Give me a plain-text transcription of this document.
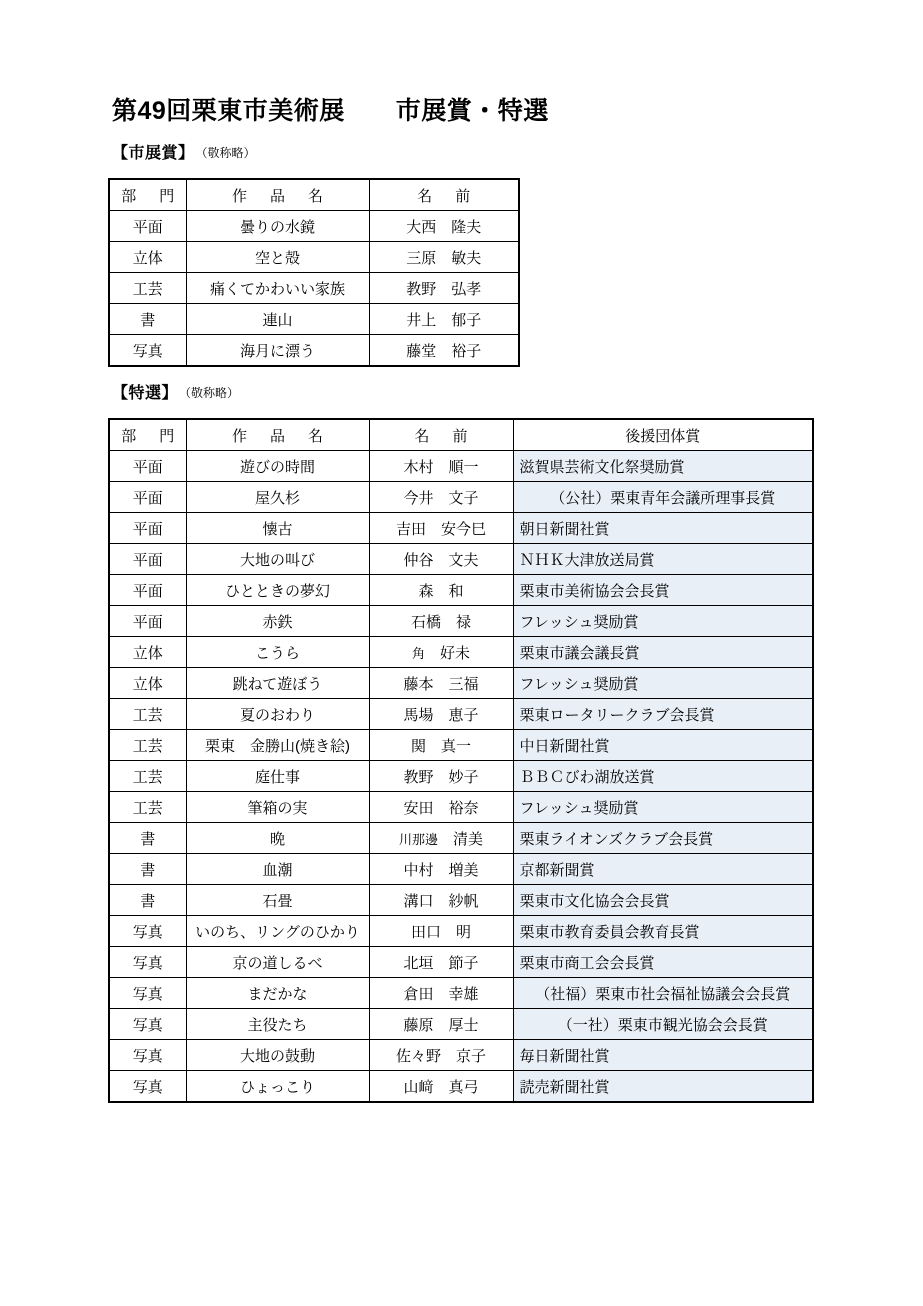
第49回栗東市美術展　　市展賞・特選
【市展賞】 （敬称略）
部　門	作　品　名	名　前
平面	曇りの水鏡	大西　隆夫
立体	空と殻	三原　敏夫
工芸	痛くてかわいい家族	教野　弘孝
書	連山	井上　郁子
写真	海月に漂う	藤堂　裕子
【特選】 （敬称略）
部　門	作　品　名	名　前	後援団体賞
平面	遊びの時間	木村　順一	滋賀県芸術文化祭奨励賞
平面	屋久杉	今井　文子	（公社）栗東青年会議所理事長賞
平面	懐古	吉田　安今巳	朝日新聞社賞
平面	大地の叫び	仲谷　文夫	ＮＨＫ大津放送局賞
平面	ひとときの夢幻	森　和	栗東市美術協会会長賞
平面	赤鉄	石橋　禄	フレッシュ奨励賞
立体	こうら	角　好未	栗東市議会議長賞
立体	跳ねて遊ぼう	藤本　三福	フレッシュ奨励賞
工芸	夏のおわり	馬場　恵子	栗東ロータリークラブ会長賞
工芸	栗東　金勝山(焼き絵)	関　真一	中日新聞社賞
工芸	庭仕事	教野　妙子	ＢＢＣびわ湖放送賞
工芸	筆箱の実	安田　裕奈	フレッシュ奨励賞
書	晩	川那邊　清美	栗東ライオンズクラブ会長賞
書	血潮	中村　増美	京都新聞賞
書	石畳	溝口　紗帆	栗東市文化協会会長賞
写真	いのち、リングのひかり	田口　明	栗東市教育委員会教育長賞
写真	京の道しるべ	北垣　節子	栗東市商工会会長賞
写真	まだかな	倉田　幸雄	（社福）栗東市社会福祉協議会会長賞
写真	主役たち	藤原　厚士	（一社）栗東市観光協会会長賞
写真	大地の鼓動	佐々野　京子	毎日新聞社賞
写真	ひょっこり	山﨑　真弓	読売新聞社賞
